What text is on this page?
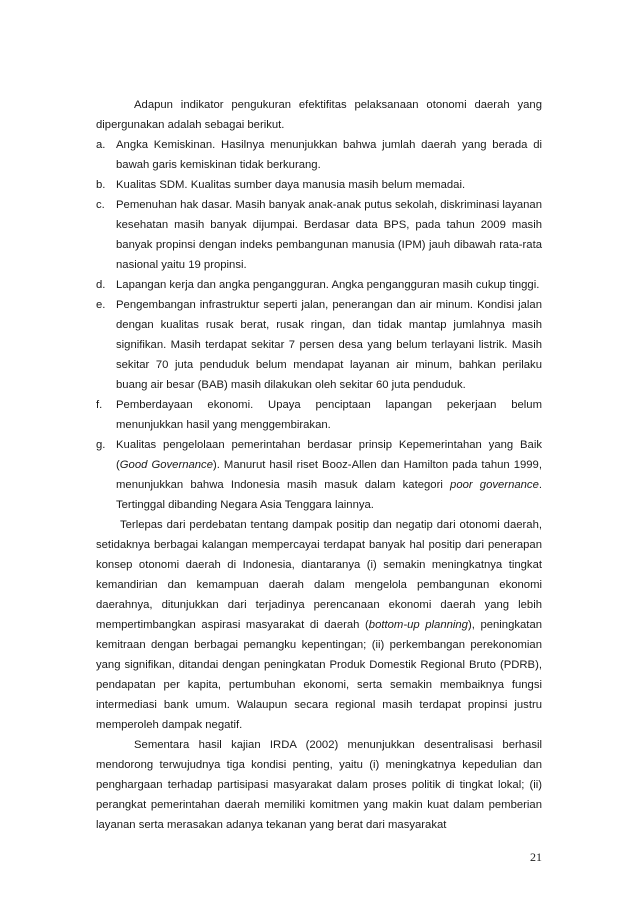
Adapun indikator pengukuran efektifitas pelaksanaan otonomi daerah yang dipergunakan adalah sebagai berikut.

a. Angka Kemiskinan. Hasilnya menunjukkan bahwa jumlah daerah yang berada di bawah garis kemiskinan tidak berkurang.
b. Kualitas SDM. Kualitas sumber daya manusia masih belum memadai.
c. Pemenuhan hak dasar. Masih banyak anak-anak putus sekolah, diskriminasi layanan kesehatan masih banyak dijumpai. Berdasar data BPS, pada tahun 2009 masih banyak propinsi dengan indeks pembangunan manusia (IPM) jauh dibawah rata-rata nasional yaitu 19 propinsi.
d. Lapangan kerja dan angka pengangguran. Angka pengangguran masih cukup tinggi.
e. Pengembangan infrastruktur seperti jalan, penerangan dan air minum. Kondisi jalan dengan kualitas rusak berat, rusak ringan, dan tidak mantap jumlahnya masih signifikan. Masih terdapat sekitar 7 persen desa yang belum terlayani listrik. Masih sekitar 70 juta penduduk belum mendapat layanan air minum, bahkan perilaku buang air besar (BAB) masih dilakukan oleh sekitar 60 juta penduduk.
f. Pemberdayaan ekonomi. Upaya penciptaan lapangan pekerjaan belum menunjukkan hasil yang menggembirakan.
g. Kualitas pengelolaan pemerintahan berdasar prinsip Kepemerintahan yang Baik (Good Governance). Manurut hasil riset Booz-Allen dan Hamilton pada tahun 1999, menunjukkan bahwa Indonesia masih masuk dalam kategori poor governance. Tertinggal dibanding Negara Asia Tenggara lainnya.

Terlepas dari perdebatan tentang dampak positip dan negatip dari otonomi daerah, setidaknya berbagai kalangan mempercayai terdapat banyak hal positip dari penerapan konsep otonomi daerah di Indonesia, diantaranya (i) semakin meningkatnya tingkat kemandirian dan kemampuan daerah dalam mengelola pembangunan ekonomi daerahnya, ditunjukkan dari terjadinya perencanaan ekonomi daerah yang lebih mempertimbangkan aspirasi masyarakat di daerah (bottom-up planning), peningkatan kemitraan dengan berbagai pemangku kepentingan; (ii) perkembangan perekonomian yang signifikan, ditandai dengan peningkatan Produk Domestik Regional Bruto (PDRB), pendapatan per kapita, pertumbuhan ekonomi, serta semakin membaiknya fungsi intermediasi bank umum. Walaupun secara regional masih terdapat propinsi justru memperoleh dampak negatif.

Sementara hasil kajian IRDA (2002) menunjukkan desentralisasi berhasil mendorong terwujudnya tiga kondisi penting, yaitu (i) meningkatnya kepedulian dan penghargaan terhadap partisipasi masyarakat dalam proses politik di tingkat lokal; (ii) perangkat pemerintahan daerah memiliki komitmen yang makin kuat dalam pemberian layanan serta merasakan adanya tekanan yang berat dari masyarakat

21
